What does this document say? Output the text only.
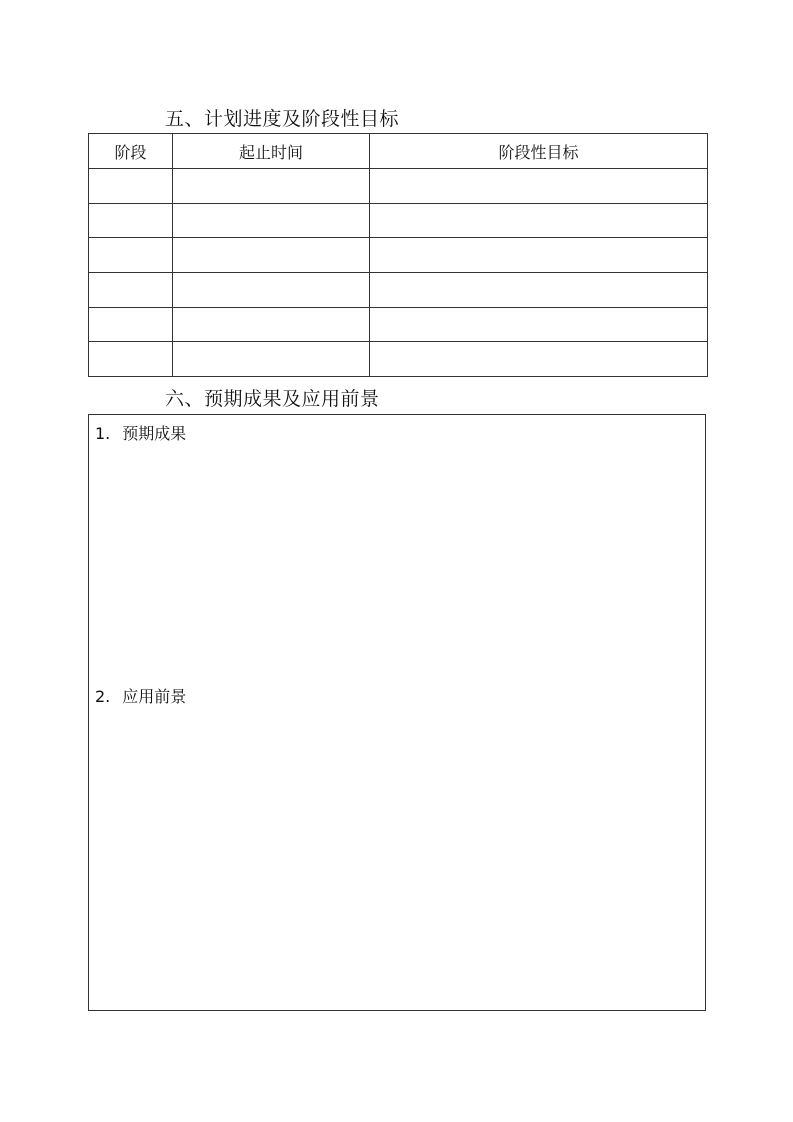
五、计划进度及阶段性目标
阶段	起止时间	阶段性目标

六、预期成果及应用前景
1. 预期成果
2. 应用前景
